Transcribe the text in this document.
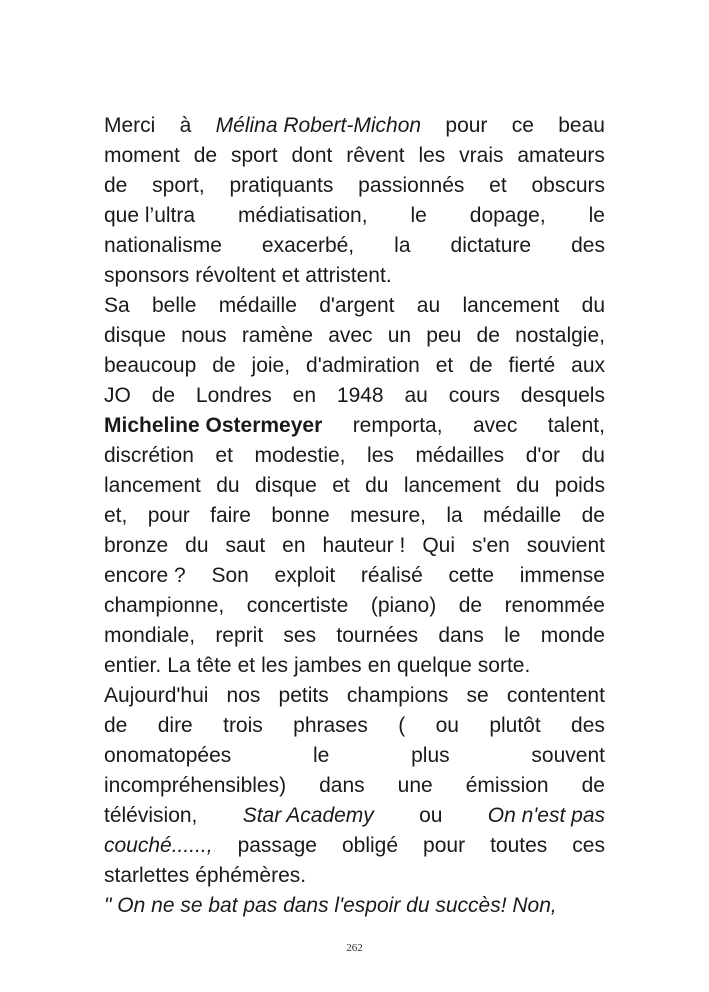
Merci à Mélina Robert-Michon pour ce beau
moment de sport dont rêvent les vrais amateurs
de sport, pratiquants passionnés et obscurs
que l’ultra médiatisation, le dopage, le
nationalisme exacerbé, la dictature des
sponsors révoltent et attristent.
Sa belle médaille d'argent au lancement du
disque nous ramène avec un peu de nostalgie,
beaucoup de joie, d'admiration et de fierté aux
JO de Londres en 1948 au cours desquels
Micheline Ostermeyer remporta, avec talent,
discrétion et modestie, les médailles d'or du
lancement du disque et du lancement du poids
et, pour faire bonne mesure, la médaille de
bronze du saut en hauteur ! Qui s'en souvient
encore ? Son exploit réalisé cette immense
championne, concertiste (piano) de renommée
mondiale, reprit ses tournées dans le monde
entier. La tête et les jambes en quelque sorte.
Aujourd'hui nos petits champions se contentent
de dire trois phrases ( ou plutôt des
onomatopées	le	plus	souvent
incompréhensibles) dans une émission de
télévision, Star Academy ou On n'est pas
couché......, passage obligé pour toutes ces
starlettes éphémères.
" On ne se bat pas dans l'espoir du succès! Non,
262
